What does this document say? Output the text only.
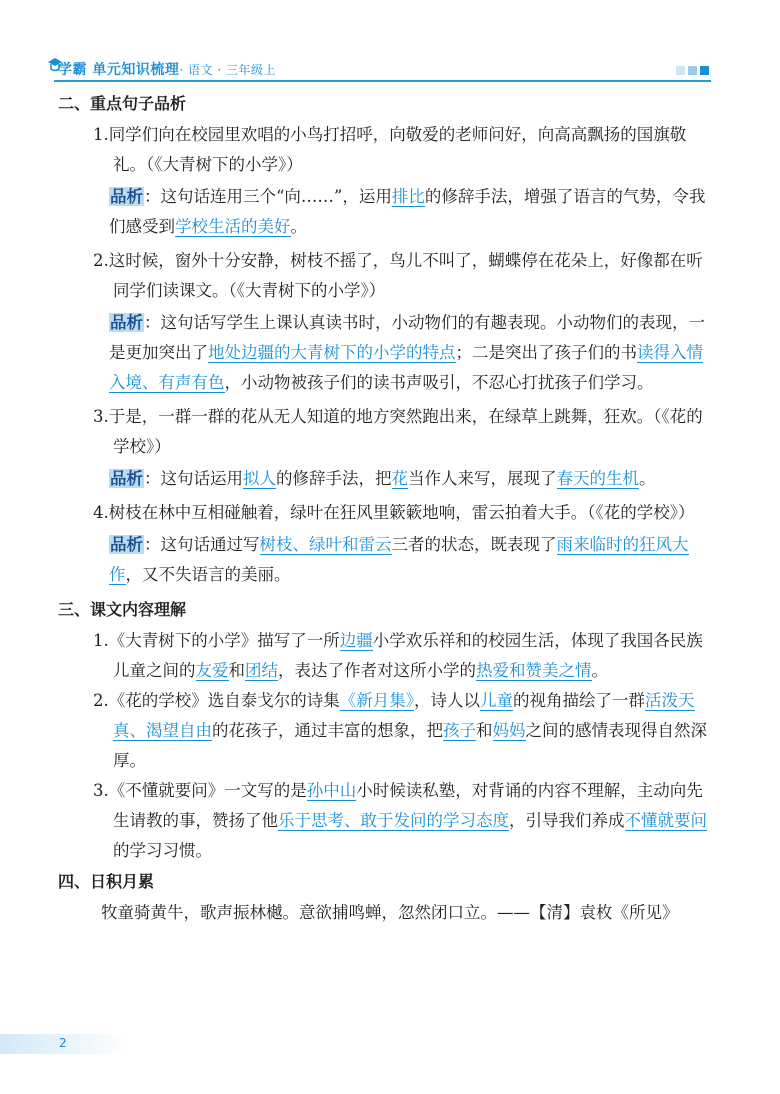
学霸 单元知识梳理· 语文 · 三年级上
二、重点句子品析

1.同学们向在校园里欢唱的小鸟打招呼，向敬爱的老师问好，向高高飘扬的国旗敬礼。（《大青树下的小学》）

品析：这句话连用三个“向……”，运用排比的修辞手法，增强了语言的气势，令我们感受到学校生活的美好。

2.这时候，窗外十分安静，树枝不摇了，鸟儿不叫了，蝴蝶停在花朵上，好像都在听同学们读课文。（《大青树下的小学》）

品析：这句话写学生上课认真读书时，小动物们的有趣表现。小动物们的表现，一是更加突出了地处边疆的大青树下的小学的特点；二是突出了孩子们的书读得入情入境、有声有色，小动物被孩子们的读书声吸引，不忍心打扰孩子们学习。

3.于是，一群一群的花从无人知道的地方突然跑出来，在绿草上跳舞，狂欢。（《花的学校》）

品析：这句话运用拟人的修辞手法，把花当作人来写，展现了春天的生机。

4.树枝在林中互相碰触着，绿叶在狂风里簌簌地响，雷云拍着大手。（《花的学校》）

品析：这句话通过写树枝、绿叶和雷云三者的状态，既表现了雨来临时的狂风大作，又不失语言的美丽。

三、课文内容理解

1.《大青树下的小学》描写了一所边疆小学欢乐祥和的校园生活，体现了我国各民族儿童之间的友爱和团结，表达了作者对这所小学的热爱和赞美之情。

2.《花的学校》选自泰戈尔的诗集《新月集》，诗人以儿童的视角描绘了一群活泼天真、渴望自由的花孩子，通过丰富的想象，把孩子和妈妈之间的感情表现得自然深厚。

3.《不懂就要问》一文写的是孙中山小时候读私塾，对背诵的内容不理解，主动向先生请教的事，赞扬了他乐于思考、敢于发问的学习态度，引导我们养成不懂就要问的学习习惯。

四、日积月累

牧童骑黄牛，歌声振林樾。意欲捕鸣蝉，忽然闭口立。——【清】袁枚《所见》

2
